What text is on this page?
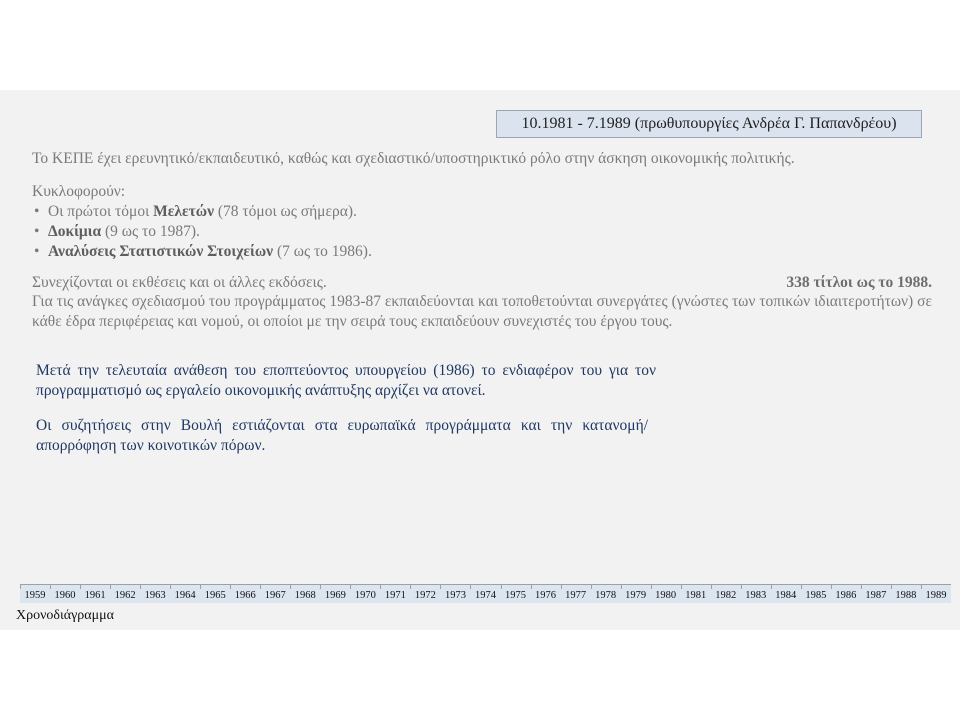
10.1981 - 7.1989 (πρωθυπουργίες Ανδρέα Γ. Παπανδρέου)
Το ΚΕΠΕ έχει ερευνητικό/εκπαιδευτικό, καθώς και σχεδιαστικό/υποστηρικτικό ρόλο στην άσκηση οικονομικής πολιτικής.
Κυκλοφορούν:
• Οι πρώτοι τόμοι Μελετών (78 τόμοι ως σήμερα).
• Δοκίμια (9 ως το 1987).
• Αναλύσεις Στατιστικών Στοιχείων (7 ως το 1986).
Συνεχίζονται οι εκθέσεις και οι άλλες εκδόσεις.	338 τίτλοι ως το 1988.
Για τις ανάγκες σχεδιασμού του προγράμματος 1983-87 εκπαιδεύονται και τοποθετούνται συνεργάτες (γνώστες των τοπικών ιδιαιτεροτήτων) σε κάθε έδρα περιφέρειας και νομού, οι οποίοι με την σειρά τους εκπαιδεύουν συνεχιστές του έργου τους.
Μετά την τελευταία ανάθεση του εποπτεύοντος υπουργείου (1986) το ενδιαφέρον του για τον προγραμματισμό ως εργαλείο οικονομικής ανάπτυξης αρχίζει να ατονεί.
Οι συζητήσεις στην Βουλή εστιάζονται στα ευρωπαϊκά προγράμματα και την κατανομή/απορρόφηση των κοινοτικών πόρων.
1959 1960 1961 1962 1963 1964 1965 1966 1967 1968 1969 1970 1971 1972 1973 1974 1975 1976 1977 1978 1979 1980 1981 1982 1983 1984 1985 1986 1987 1988 1989
Χρονοδιάγραμμα
